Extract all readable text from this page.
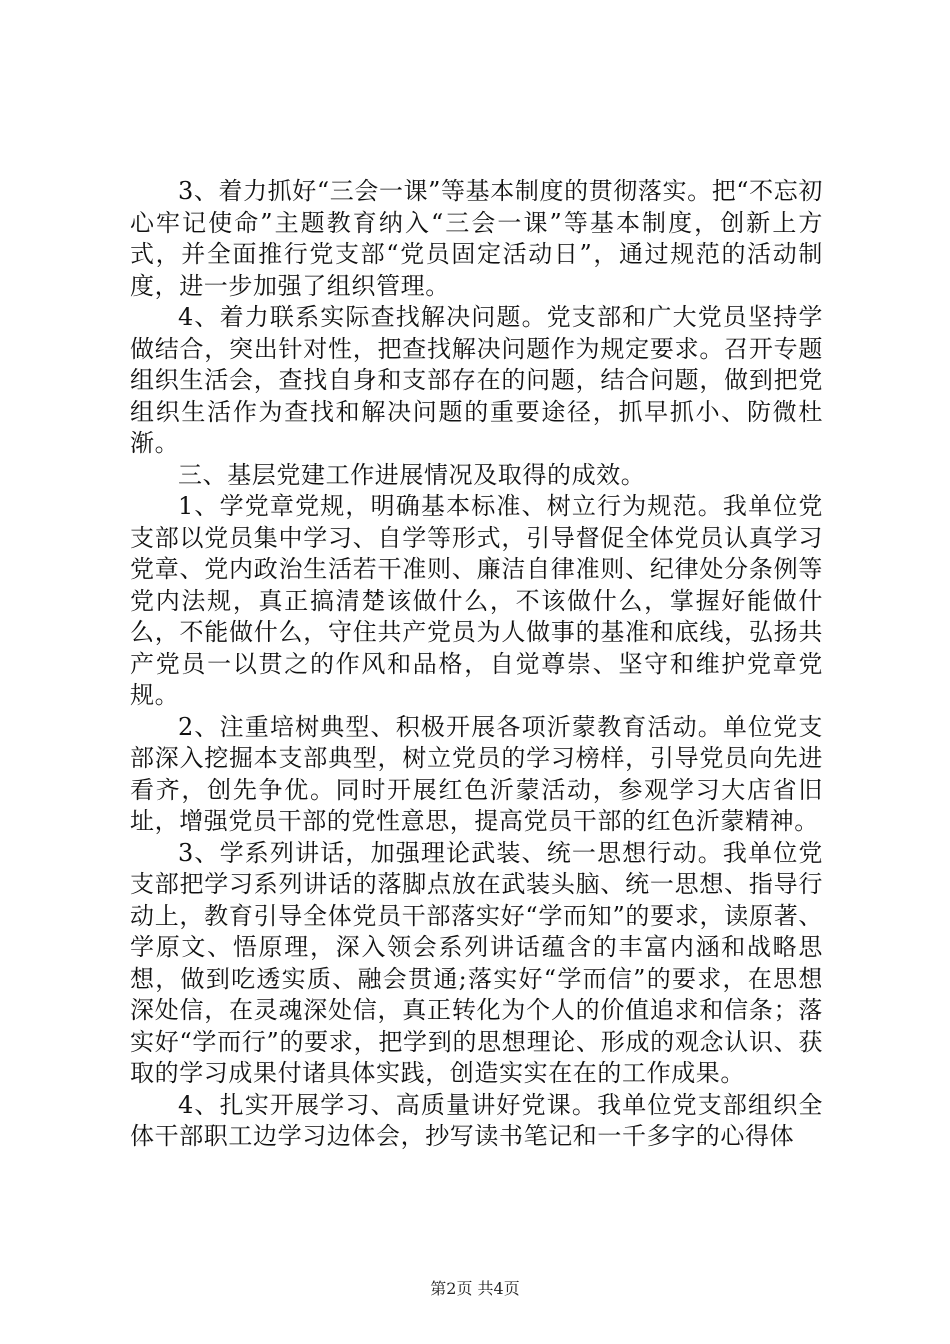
3、着力抓好“三会一课”等基本制度的贯彻落实。把“不忘初心牢记使命”主题教育纳入“三会一课”等基本制度，创新上方式，并全面推行党支部“党员固定活动日”，通过规范的活动制度，进一步加强了组织管理。

4、着力联系实际查找解决问题。党支部和广大党员坚持学做结合，突出针对性，把查找解决问题作为规定要求。召开专题组织生活会，查找自身和支部存在的问题，结合问题，做到把党组织生活作为查找和解决问题的重要途径，抓早抓小、防微杜渐。

三、基层党建工作进展情况及取得的成效。

1、学党章党规，明确基本标准、树立行为规范。我单位党支部以党员集中学习、自学等形式，引导督促全体党员认真学习党章、党内政治生活若干准则、廉洁自律准则、纪律处分条例等党内法规，真正搞清楚该做什么，不该做什么，掌握好能做什么，不能做什么，守住共产党员为人做事的基准和底线，弘扬共产党员一以贯之的作风和品格，自觉尊崇、坚守和维护党章党规。

2、注重培树典型、积极开展各项沂蒙教育活动。单位党支部深入挖掘本支部典型，树立党员的学习榜样，引导党员向先进看齐，创先争优。同时开展红色沂蒙活动，参观学习大店省旧址，增强党员干部的党性意思，提高党员干部的红色沂蒙精神。

3、学系列讲话，加强理论武装、统一思想行动。我单位党支部把学习系列讲话的落脚点放在武装头脑、统一思想、指导行动上，教育引导全体党员干部落实好“学而知”的要求，读原著、学原文、悟原理，深入领会系列讲话蕴含的丰富内涵和战略思想，做到吃透实质、融会贯通;落实好“学而信”的要求，在思想深处信，在灵魂深处信，真正转化为个人的价值追求和信条；落实好“学而行”的要求，把学到的思想理论、形成的观念认识、获取的学习成果付诸具体实践，创造实实在在的工作成果。

4、扎实开展学习、高质量讲好党课。我单位党支部组织全体干部职工边学习边体会，抄写读书笔记和一千多字的心得体

第2页 共4页
